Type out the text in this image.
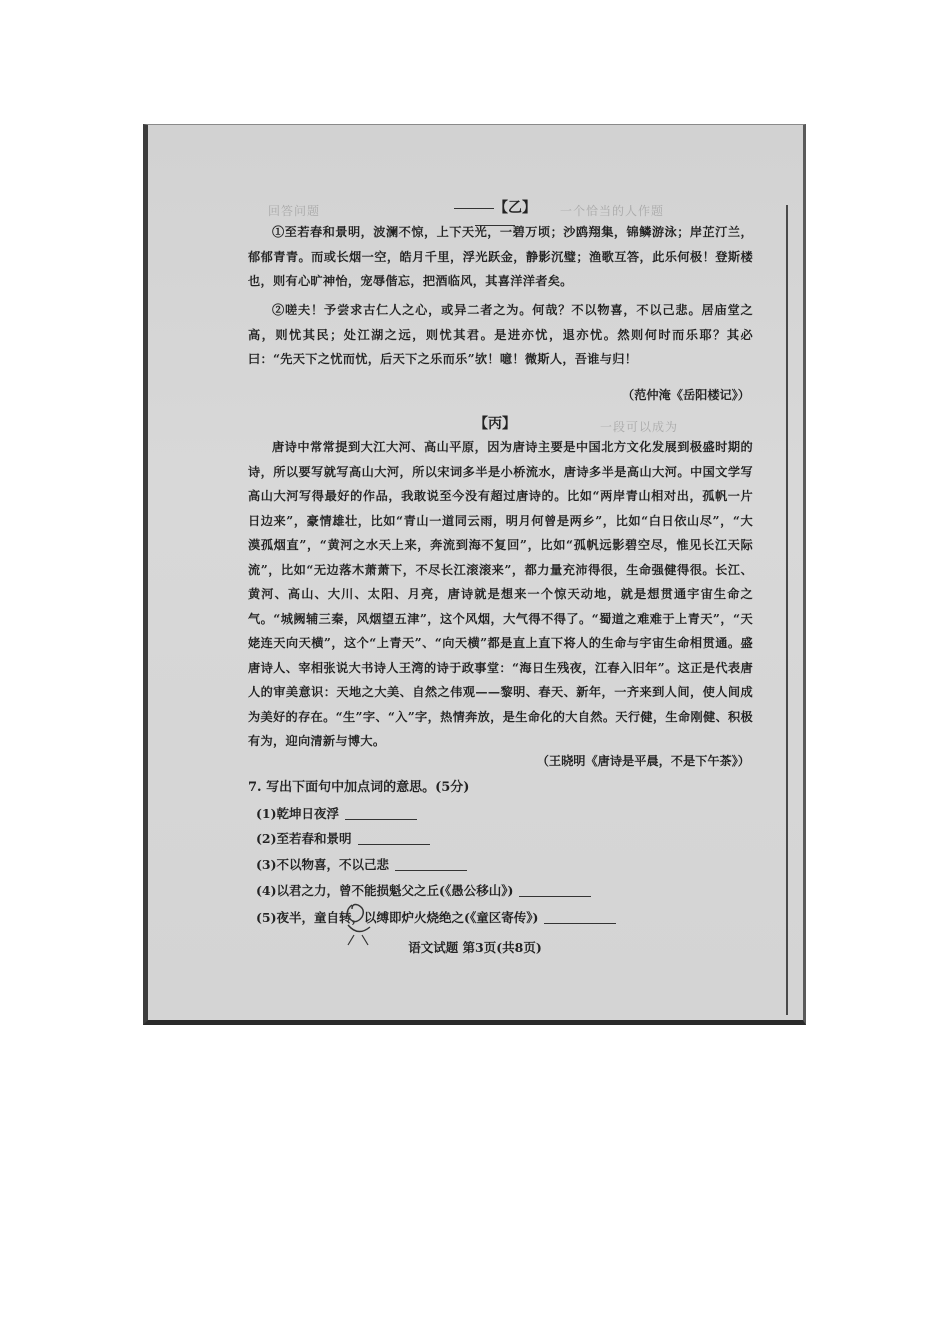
回答问题	一个恰当的人作题
一段可以成为
【乙】
①至若春和景明，波澜不惊，上下天光，一碧万顷；沙鸥翔集，锦鳞游泳；岸芷汀兰，郁郁青青。而或长烟一空，皓月千里，浮光跃金，静影沉璧；渔歌互答，此乐何极！登斯楼也，则有心旷神怡，宠辱偕忘，把酒临风，其喜洋洋者矣。
②嗟夫！予尝求古仁人之心，或异二者之为。何哉？不以物喜，不以己悲。居庙堂之高，则忧其民；处江湖之远，则忧其君。是进亦忧，退亦忧。然则何时而乐耶？其必曰：“先天下之忧而忧，后天下之乐而乐”欤！噫！微斯人，吾谁与归！
（范仲淹《岳阳楼记》）
【丙】
唐诗中常常提到大江大河、高山平原，因为唐诗主要是中国北方文化发展到极盛时期的诗，所以要写就写高山大河，所以宋词多半是小桥流水，唐诗多半是高山大河。中国文学写高山大河写得最好的作品，我敢说至今没有超过唐诗的。比如“两岸青山相对出，孤帆一片日边来”，豪情雄壮，比如“青山一道同云雨，明月何曾是两乡”，比如“白日依山尽”，“大漠孤烟直”，“黄河之水天上来，奔流到海不复回”，比如“孤帆远影碧空尽，惟见长江天际流”，比如“无边落木萧萧下，不尽长江滚滚来”，都力量充沛得很，生命强健得很。长江、黄河、高山、大川、太阳、月亮，唐诗就是想来一个惊天动地，就是想贯通宇宙生命之气。“城阙辅三秦，风烟望五津”，这个风烟，大气得不得了。“蜀道之难难于上青天”，“天姥连天向天横”，这个“上青天”、“向天横”都是直上直下将人的生命与宇宙生命相贯通。盛唐诗人、宰相张说大书诗人王湾的诗于政事堂：“海日生残夜，江春入旧年”。这正是代表唐人的审美意识：天地之大美、自然之伟观——黎明、春天、新年，一齐来到人间，使人间成为美好的存在。“生”字、“入”字，热情奔放，是生命化的大自然。天行健，生命刚健、积极有为，迎向清新与博大。
（王晓明《唐诗是平晨，不是下午茶》）
7. 写出下面句中加点词的意思。(5分)
(1)乾坤日夜浮
(2)至若春和景明
(3)不以物喜，不以己悲
(4)以君之力，曾不能损魁父之丘(《愚公移山》)
(5)夜半，童自转，以缚即炉火烧绝之(《童区寄传》)
语文试题 第3页(共8页)
